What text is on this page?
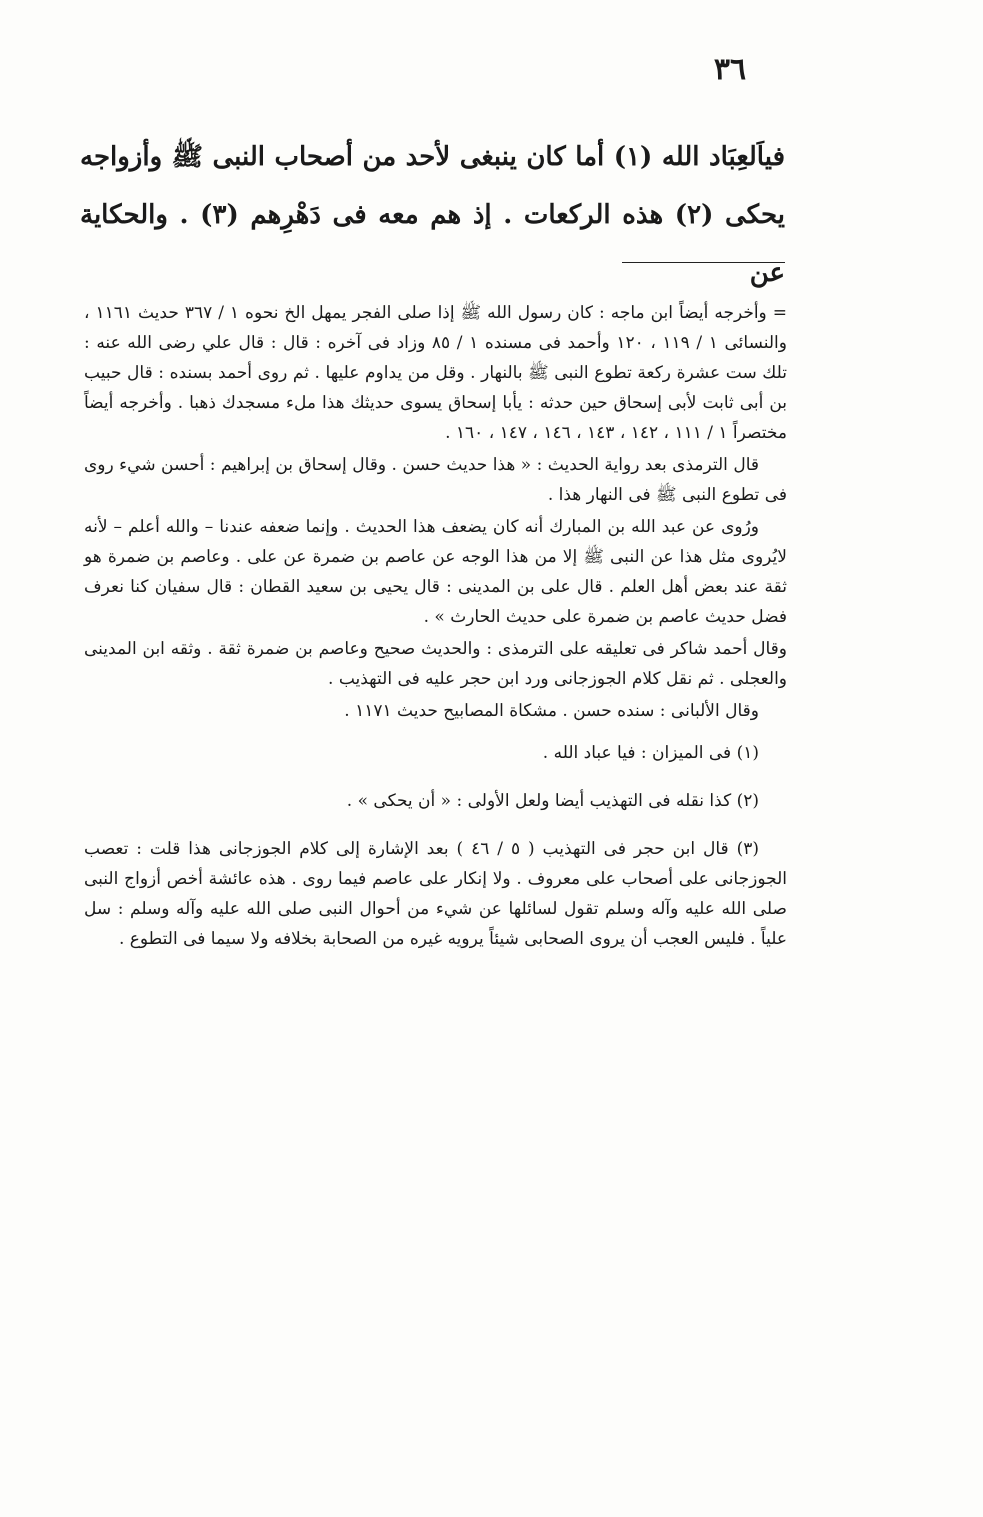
٣٦

فياَلعِبَاد الله (١) أما كان ينبغى لأحد من أصحاب النبى ﷺ وأزواجه يحكى (٢) هذه الركعات . إذ هم معه فى دَهْرِهم (٣) . والحكاية عن

= وأخرجه أيضاً ابن ماجه : كان رسول الله ﷺ إذا صلى الفجر يمهل الخ نحوه ١ / ٣٦٧ حديث ١١٦١ ، والنسائى ١ / ١١٩ ، ١٢٠ وأحمد فى مسنده ١ / ٨٥ وزاد فى آخره : قال : قال علي رضى الله عنه : تلك ست عشرة ركعة تطوع النبى ﷺ بالنهار . وقل من يداوم عليها . ثم روى أحمد بسنده : قال حبيب بن أبى ثابت لأبى إسحاق حين حدثه : يأبا إسحاق يسوى حديثك هذا ملء مسجدك ذهبا . وأخرجه أيضاً مختصراً ١ / ١١١ ، ١٤٢ ، ١٤٣ ، ١٤٦ ، ١٤٧ ، ١٦٠ .

قال الترمذى بعد رواية الحديث : « هذا حديث حسن . وقال إسحاق بن إبراهيم : أحسن شيء روى فى تطوع النبى ﷺ فى النهار هذا .

ورُوى عن عبد الله بن المبارك أنه كان يضعف هذا الحديث . وإنما ضعفه عندنا – والله أعلم – لأنه لايُروى مثل هذا عن النبى ﷺ إلا من هذا الوجه عن عاصم بن ضمرة عن على . وعاصم بن ضمرة هو ثقة عند بعض أهل العلم . قال على بن المدينى : قال يحيى بن سعيد القطان : قال سفيان كنا نعرف فضل حديث عاصم بن ضمرة على حديث الحارث » .

وقال أحمد شاكر فى تعليقه على الترمذى : والحديث صحيح وعاصم بن ضمرة ثقة . وثقه ابن المدينى والعجلى . ثم نقل كلام الجوزجانى ورد ابن حجر عليه فى التهذيب .

وقال الألبانى : سنده حسن . مشكاة المصابيح حديث ١١٧١ .

(١) فى الميزان : فيا عباد الله .

(٢) كذا نقله فى التهذيب أيضا ولعل الأولى : « أن يحكى » .

(٣) قال ابن حجر فى التهذيب ( ٥ / ٤٦ ) بعد الإشارة إلى كلام الجوزجانى هذا قلت : تعصب الجوزجانى على أصحاب على معروف . ولا إنكار على عاصم فيما روى . هذه عائشة أخص أزواج النبى صلى الله عليه وآله وسلم تقول لسائلها عن شيء من أحوال النبى صلى الله عليه وآله وسلم : سل علياً . فليس العجب أن يروى الصحابى شيئاً يرويه غيره من الصحابة بخلافه ولا سيما فى التطوع .
